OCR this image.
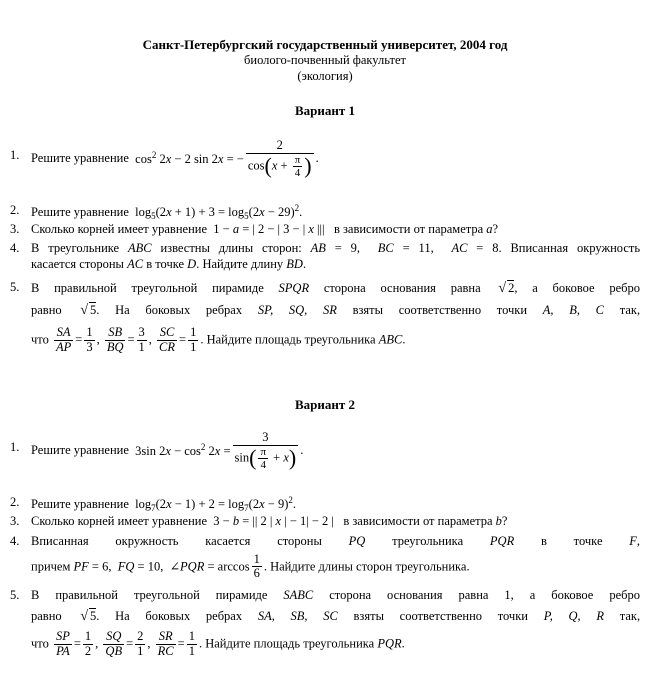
Санкт-Петербургский государственный университет, 2004 год
биолого-почвенный факультет
(экология)
Вариант 1
1. Решите уравнение  $\cos^2 2x - 2$ sin 2x = − $\frac{2}{\cos(x + \frac{\pi}{4} )}$ .
2. Решите уравнение  $\log_5(2x + 1) + 3 = \log_5(2x - 29)^2$.
3. Сколько корней имеет уравнение  1 − a = | 2 − | 3 − | x |||   в зависимости от параметра a?
4. В треугольнике ABC известны длины сторон: AB = 9,  BC = 11,  AC = 8. Вписанная окружность
касается стороны AC в точке D. Найдите длину BD.
5. В правильной треугольной пирамиде SPQR сторона основания равна √ 2, а боковое ребро
равно √ 5. На боковых ребрах SP, SQ, SR взяты соответственно точки A, B, C так,
что $\frac{SA}{AP} = \frac{1}{3}$ , $\frac{SB}{BQ} = \frac{3}{1}$ , $\frac{SC}{CR} = \frac{1}{1}$ . Найдите площадь треугольника ABC.
Вариант 2
1. Решите уравнение  3sin $2x - \cos^2 2x = \frac{3}{\sin( \frac{\pi}{4} + x)}$ .
2. Решите уравнение  $\log_7(2x - 1) + 2 = \log_7(2x - 9)^2$.
3. Сколько корней имеет уравнение  3 − b = || 2 | x | − 1| − 2 |   в зависимости от параметра b?
4. Вписанная окружность касается стороны PQ треугольника PQR в точке F,
причем PF = 6,  FQ = 10,  ∠PQR = $\arccos \frac{1}{6}$ . Найдите длины сторон треугольника.
5. В правильной треугольной пирамиде SABC сторона основания равна 1, а боковое ребро
равно √ 5. На боковых ребрах SA, SB, SC взяты соответственно точки P, Q, R так,
что $\frac{SP}{PA} = \frac{1}{2}$ , $\frac{SQ}{QB} = \frac{2}{1}$ , $\frac{SR}{RC} = \frac{1}{1}$ . Найдите площадь треугольника PQR.
